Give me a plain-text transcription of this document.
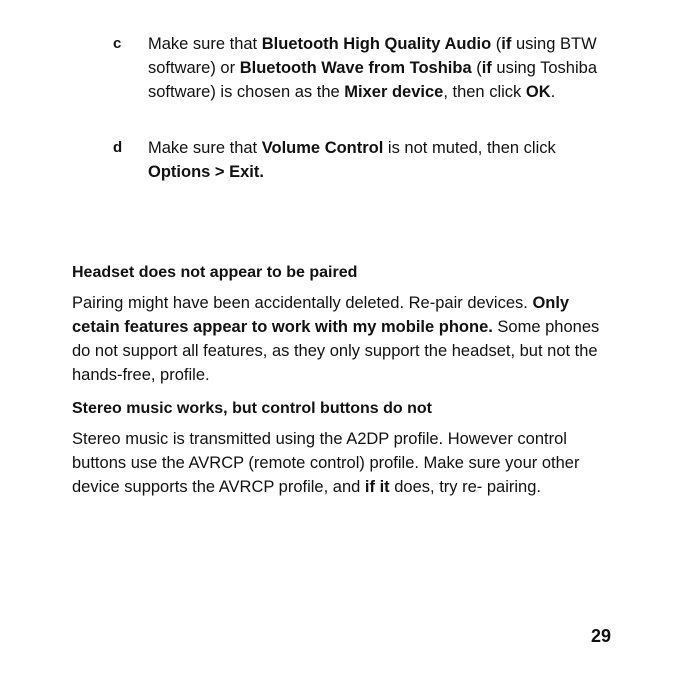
c Make sure that Bluetooth High Quality Audio (if using BTW software) or Bluetooth Wave from Toshiba (if using Toshiba software) is chosen as the Mixer device, then click OK.
d Make sure that Volume Control is not muted, then click Options > Exit.
Headset does not appear to be paired
Pairing might have been accidentally deleted. Re-pair devices. Only cetain features appear to work with my mobile phone. Some phones do not support all features, as they only support the headset, but not the hands-free, profile.
Stereo music works, but control buttons do not
Stereo music is transmitted using the A2DP profile. However control buttons use the AVRCP (remote control) profile. Make sure your other device supports the AVRCP profile, and if it does, try re- pairing.
29
